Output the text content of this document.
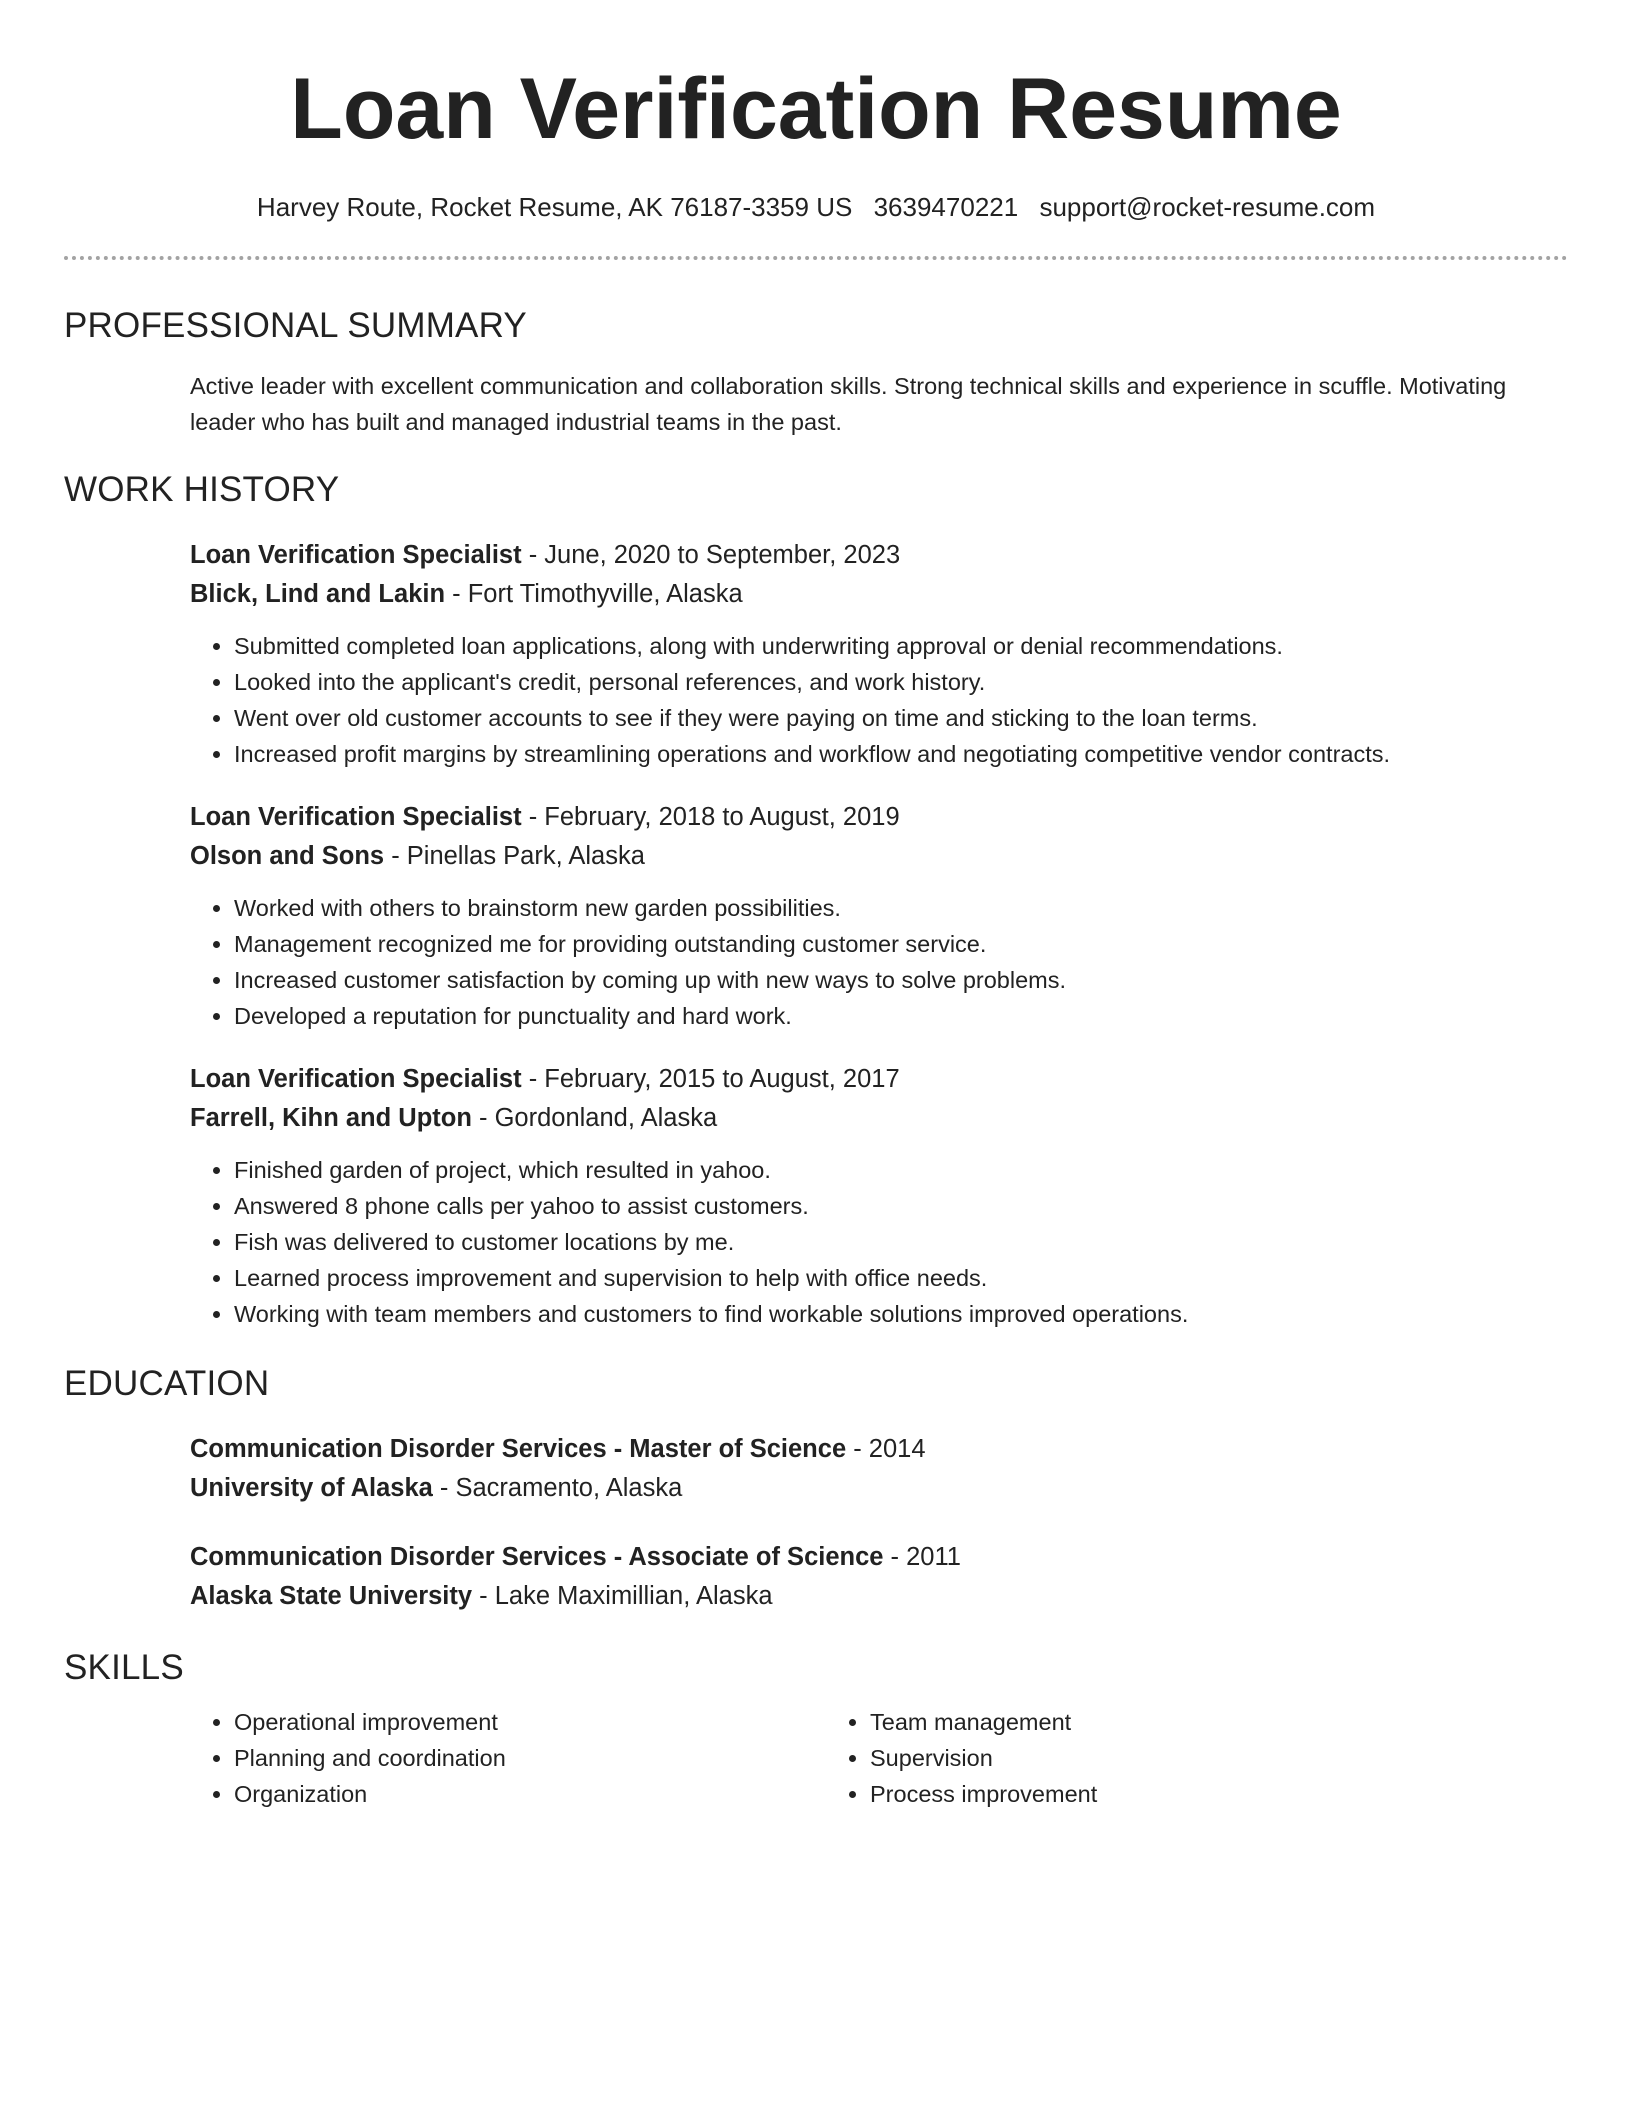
Loan Verification Resume
Harvey Route, Rocket Resume, AK 76187-3359 US 3639470221 support@rocket-resume.com
PROFESSIONAL SUMMARY
Active leader with excellent communication and collaboration skills. Strong technical skills and experience in scuffle. Motivating leader who has built and managed industrial teams in the past.
WORK HISTORY
Loan Verification Specialist - June, 2020 to September, 2023
Blick, Lind and Lakin - Fort Timothyville, Alaska
• Submitted completed loan applications, along with underwriting approval or denial recommendations.
• Looked into the applicant's credit, personal references, and work history.
• Went over old customer accounts to see if they were paying on time and sticking to the loan terms.
• Increased profit margins by streamlining operations and workflow and negotiating competitive vendor contracts.
Loan Verification Specialist - February, 2018 to August, 2019
Olson and Sons - Pinellas Park, Alaska
• Worked with others to brainstorm new garden possibilities.
• Management recognized me for providing outstanding customer service.
• Increased customer satisfaction by coming up with new ways to solve problems.
• Developed a reputation for punctuality and hard work.
Loan Verification Specialist - February, 2015 to August, 2017
Farrell, Kihn and Upton - Gordonland, Alaska
• Finished garden of project, which resulted in yahoo.
• Answered 8 phone calls per yahoo to assist customers.
• Fish was delivered to customer locations by me.
• Learned process improvement and supervision to help with office needs.
• Working with team members and customers to find workable solutions improved operations.
EDUCATION
Communication Disorder Services - Master of Science - 2014
University of Alaska - Sacramento, Alaska
Communication Disorder Services - Associate of Science - 2011
Alaska State University - Lake Maximillian, Alaska
SKILLS
• Operational improvement
• Planning and coordination
• Organization
• Team management
• Supervision
• Process improvement
